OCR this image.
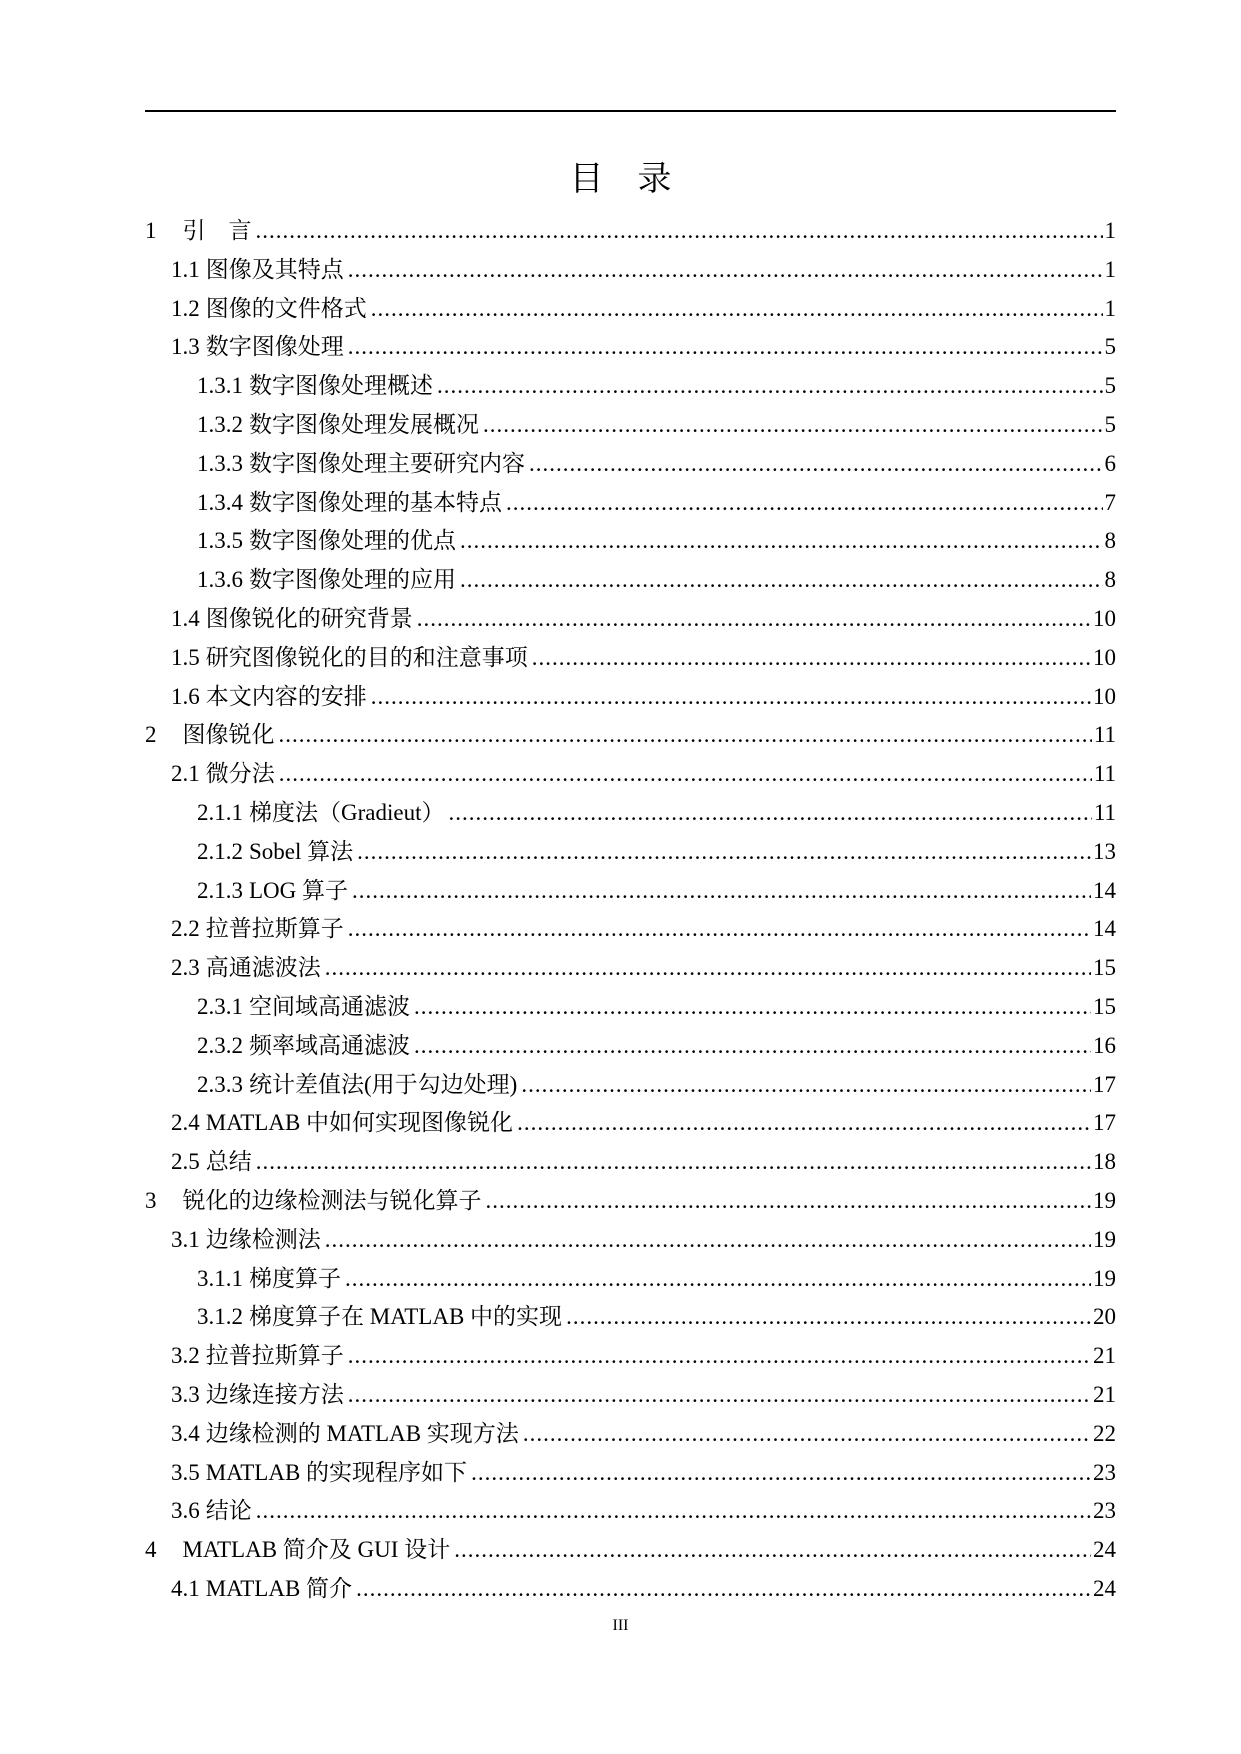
目 录
1 引　言 .....	1
1.1 图像及其特点 .....	1
1.2 图像的文件格式 .....	1
1.3 数字图像处理 .....	5
1.3.1 数字图像处理概述 .....	5
1.3.2 数字图像处理发展概况 .....	5
1.3.3 数字图像处理主要研究内容 .....	6
1.3.4 数字图像处理的基本特点 .....	7
1.3.5 数字图像处理的优点 .....	8
1.3.6 数字图像处理的应用 .....	8
1.4 图像锐化的研究背景 .....	10
1.5 研究图像锐化的目的和注意事项 .....	10
1.6 本文内容的安排 .....	10
2 图像锐化 .....	11
2.1 微分法 .....	11
2.1.1 梯度法（Gradieut） .....	11
2.1.2 Sobel 算法 .....	13
2.1.3 LOG 算子 .....	14
2.2 拉普拉斯算子 .....	14
2.3 高通滤波法 .....	15
2.3.1 空间域高通滤波 .....	15
2.3.2 频率域高通滤波 .....	16
2.3.3 统计差值法(用于勾边处理) .....	17
2.4 MATLAB 中如何实现图像锐化 .....	17
2.5 总结 .....	18
3 锐化的边缘检测法与锐化算子 .....	19
3.1 边缘检测法 .....	19
3.1.1 梯度算子 .....	19
3.1.2 梯度算子在 MATLAB 中的实现 .....	20
3.2 拉普拉斯算子 .....	21
3.3 边缘连接方法 .....	21
3.4 边缘检测的 MATLAB 实现方法 .....	22
3.5 MATLAB 的实现程序如下 .....	23
3.6 结论 .....	23
4 MATLAB 简介及 GUI 设计 .....	24
4.1 MATLAB 简介 .....	24
III
